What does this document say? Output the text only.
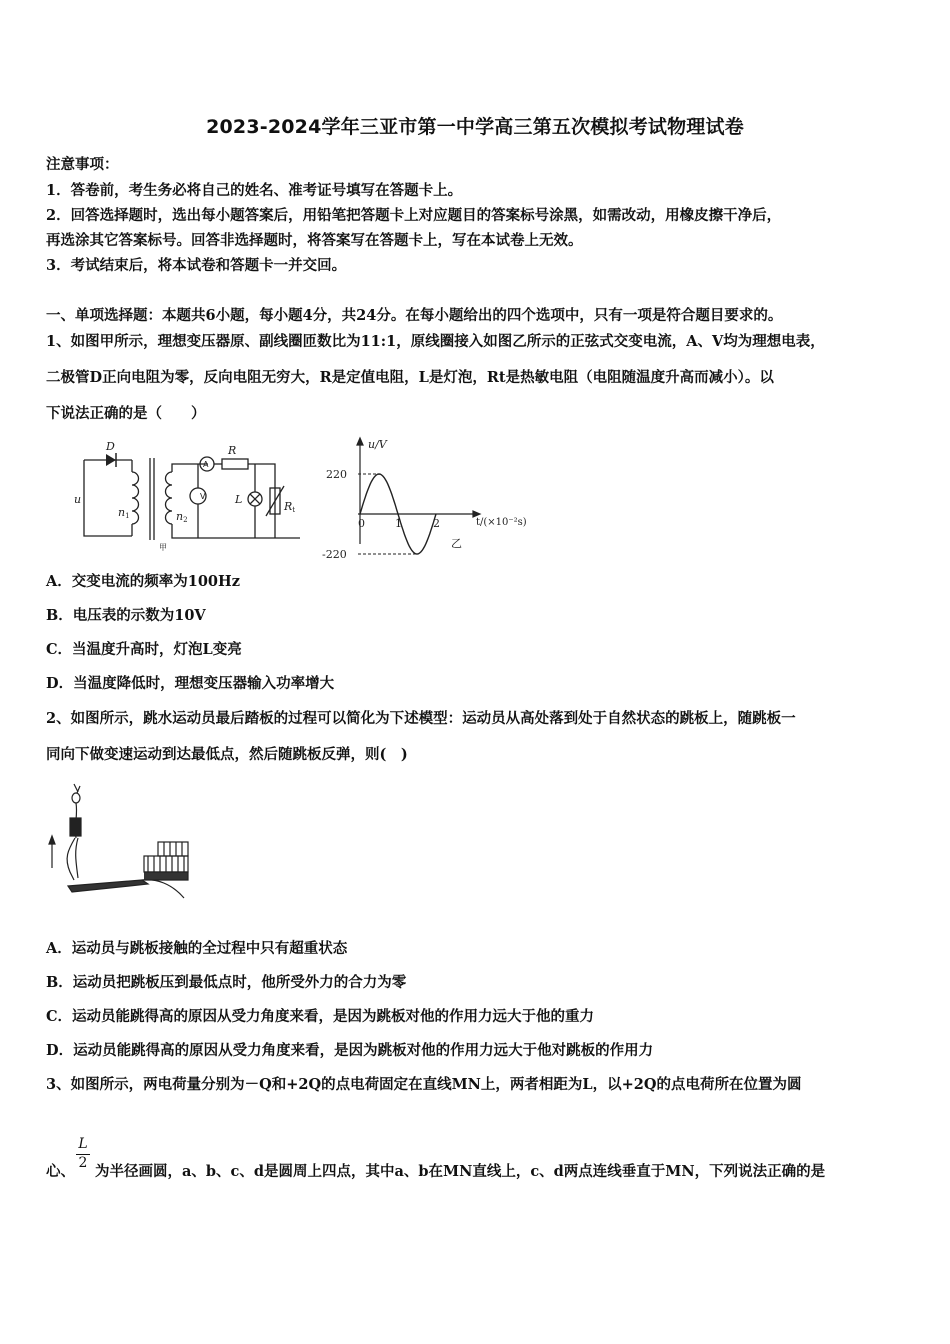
2023-2024学年三亚市第一中学高三第五次模拟考试物理试卷
注意事项：
1．答卷前，考生务必将自己的姓名、准考证号填写在答题卡上。
2．回答选择题时，选出每小题答案后，用铅笔把答题卡上对应题目的答案标号涂黑，如需改动，用橡皮擦干净后，
再选涂其它答案标号。回答非选择题时，将答案写在答题卡上，写在本试卷上无效。
3．考试结束后，将本试卷和答题卡一并交回。
一、单项选择题：本题共6小题，每小题4分，共24分。在每小题给出的四个选项中，只有一项是符合题目要求的。
1、如图甲所示，理想变压器原、副线圈匝数比为11:1，原线圈接入如图乙所示的正弦式交变电流，A、V均为理想电表，
二极管D正向电阻为零，反向电阻无穷大，R是定值电阻，L是灯泡，Rt是热敏电阻（电阻随温度升高而减小）。以
下说法正确的是（　　）
D
u
n1	n2
R
L
Rt
V
A
甲
u/V
220
-220
0	1	2	t/(×10⁻²s)
乙
A．交变电流的频率为100Hz
B．电压表的示数为10V
C．当温度升高时，灯泡L变亮
D．当温度降低时，理想变压器输入功率增大
2、如图所示，跳水运动员最后踏板的过程可以简化为下述模型：运动员从高处落到处于自然状态的跳板上，随跳板一
同向下做变速运动到达最低点，然后随跳板反弹，则(　)
A．运动员与跳板接触的全过程中只有超重状态
B．运动员把跳板压到最低点时，他所受外力的合力为零
C．运动员能跳得高的原因从受力角度来看，是因为跳板对他的作用力远大于他的重力
D．运动员能跳得高的原因从受力角度来看，是因为跳板对他的作用力远大于他对跳板的作用力
3、如图所示，两电荷量分别为－Q和+2Q的点电荷固定在直线MN上，两者相距为L，以+2Q的点电荷所在位置为圆
心、
L
2 为半径画圆，a、b、c、d是圆周上四点，其中a、b在MN直线上，c、d两点连线垂直于MN，下列说法正确的是
